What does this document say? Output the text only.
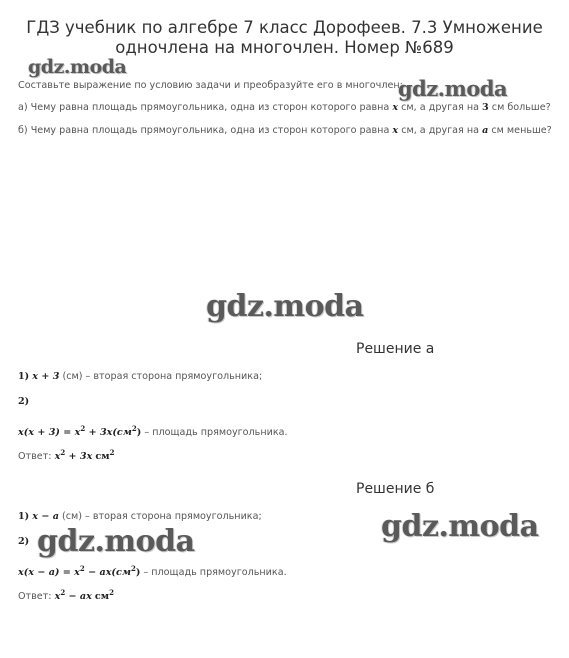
ГДЗ учебник по алгебре 7 класс Дорофеев. 7.3 Умножение
одночлена на многочлен. Номер №689
gdz.moda
gdz.moda
gdz.moda
gdz.moda
gdz.moda
Составьте выражение по условию задачи и преобразуйте его в многочлен:
а) Чему равна площадь прямоугольника, одна из сторон которого равна x см, а другая на 3 см больше?
б) Чему равна площадь прямоугольника, одна из сторон которого равна x см, а другая на a см меньше?
Решение а
1) x + 3 (см) – вторая сторона прямоугольника;
2)
$x(x + 3) = x^2 + 3x(см^2)$ – площадь прямоугольника.
Ответ: $x^2 + 3x$ $см^2$
Решение б
1) x − a (см) – вторая сторона прямоугольника;
2)
$x(x - a) = x^2 - ax(см^2)$ – площадь прямоугольника.
Ответ: $x^2$ − ax $см^2$
